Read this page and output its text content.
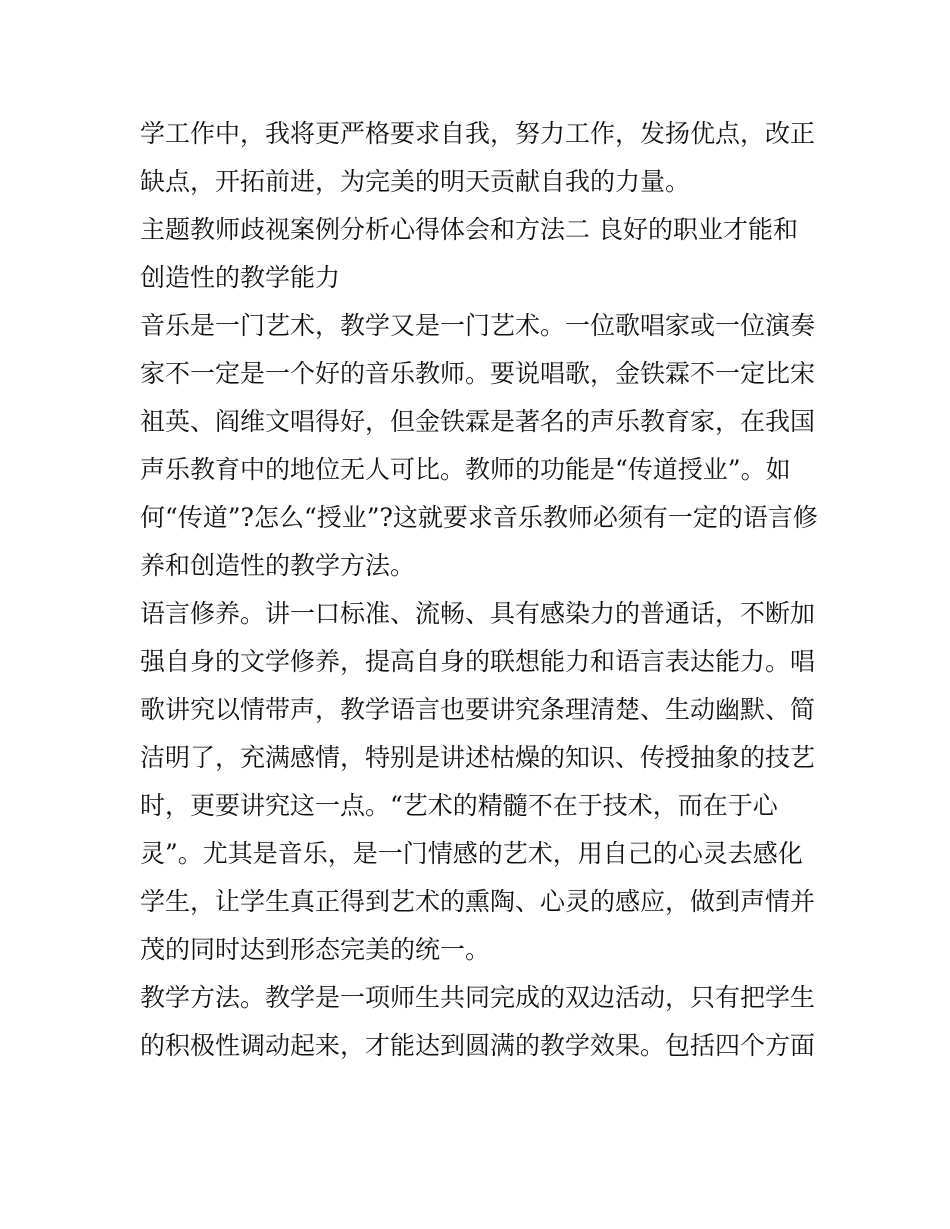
学工作中，我将更严格要求自我，努力工作，发扬优点，改正
缺点，开拓前进，为完美的明天贡献自我的力量。
主题教师歧视案例分析心得体会和方法二 良好的职业才能和
创造性的教学能力
音乐是一门艺术，教学又是一门艺术。一位歌唱家或一位演奏
家不一定是一个好的音乐教师。要说唱歌，金铁霖不一定比宋
祖英、阎维文唱得好，但金铁霖是著名的声乐教育家，在我国
声乐教育中的地位无人可比。教师的功能是“传道授业”。如
何“传道”?怎么“授业”?这就要求音乐教师必须有一定的语言修
养和创造性的教学方法。
语言修养。讲一口标准、流畅、具有感染力的普通话，不断加
强自身的文学修养，提高自身的联想能力和语言表达能力。唱
歌讲究以情带声，教学语言也要讲究条理清楚、生动幽默、简
洁明了，充满感情，特别是讲述枯燥的知识、传授抽象的技艺
时，更要讲究这一点。“艺术的精髓不在于技术，而在于心
灵”。尤其是音乐，是一门情感的艺术，用自己的心灵去感化
学生，让学生真正得到艺术的熏陶、心灵的感应，做到声情并
茂的同时达到形态完美的统一。
教学方法。教学是一项师生共同完成的双边活动，只有把学生
的积极性调动起来，才能达到圆满的教学效果。包括四个方面
